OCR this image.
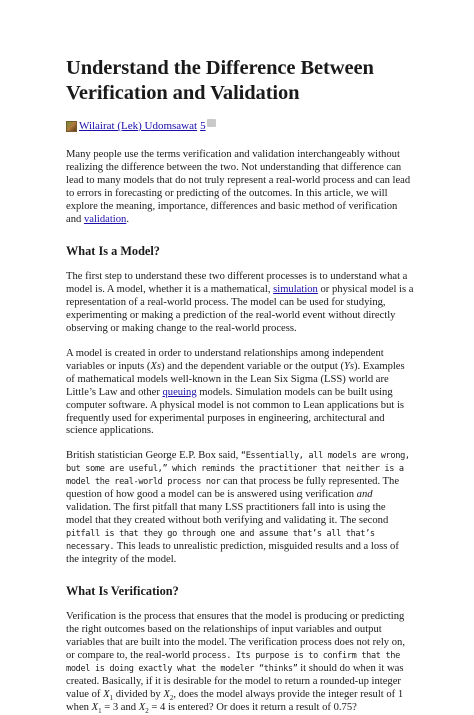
Understand the Difference Between Verification and Validation
Wilairat (Lek) Udomsawat 5

Many people use the terms verification and validation interchangeably without realizing the difference between the two. Not understanding that difference can lead to many models that do not truly represent a real-world process and can lead to errors in forecasting or predicting of the outcomes. In this article, we will explore the meaning, importance, differences and basic method of verification and validation.

What Is a Model?

The first step to understand these two different processes is to understand what a model is. A model, whether it is a mathematical, simulation or physical model is a representation of a real-world process. The model can be used for studying, experimenting or making a prediction of the real-world event without directly observing or making change to the real-world process.

A model is created in order to understand relationships among independent variables or inputs (Xs) and the dependent variable or the output (Ys). Examples of mathematical models well-known in the Lean Six Sigma (LSS) world are Little’s Law and other queuing models. Simulation models can be built using computer software. A physical model is not common to Lean applications but is frequently used for experimental purposes in engineering, architectural and science applications.

British statistician George E.P. Box said, “Essentially, all models are wrong, but some are useful,” which reminds the practitioner that neither is a model the real-world process nor can that process be fully represented. The question of how good a model can be is answered using verification and validation. The first pitfall that many LSS practitioners fall into is using the model that they created without both verifying and validating it. The second pitfall is that they go through one and assume that’s all that’s necessary. This leads to unrealistic prediction, misguided results and a loss of the integrity of the model.

What Is Verification?

Verification is the process that ensures that the model is producing or predicting the right outcomes based on the relationships of input variables and output variables that are built into the model. The verification process does not rely on, or compare to, the real-world process. Its purpose is to confirm that the model is doing exactly what the modeler “thinks” it should do when it was created. Basically, if it is desirable for the model to return a rounded-up integer value of $X_1$ divided by $X_2$, does the model always provide the integer result of 1 when $X_1 = 3$ and $X_2 = 4$ is entered? Or does it return a result of 0.75?
